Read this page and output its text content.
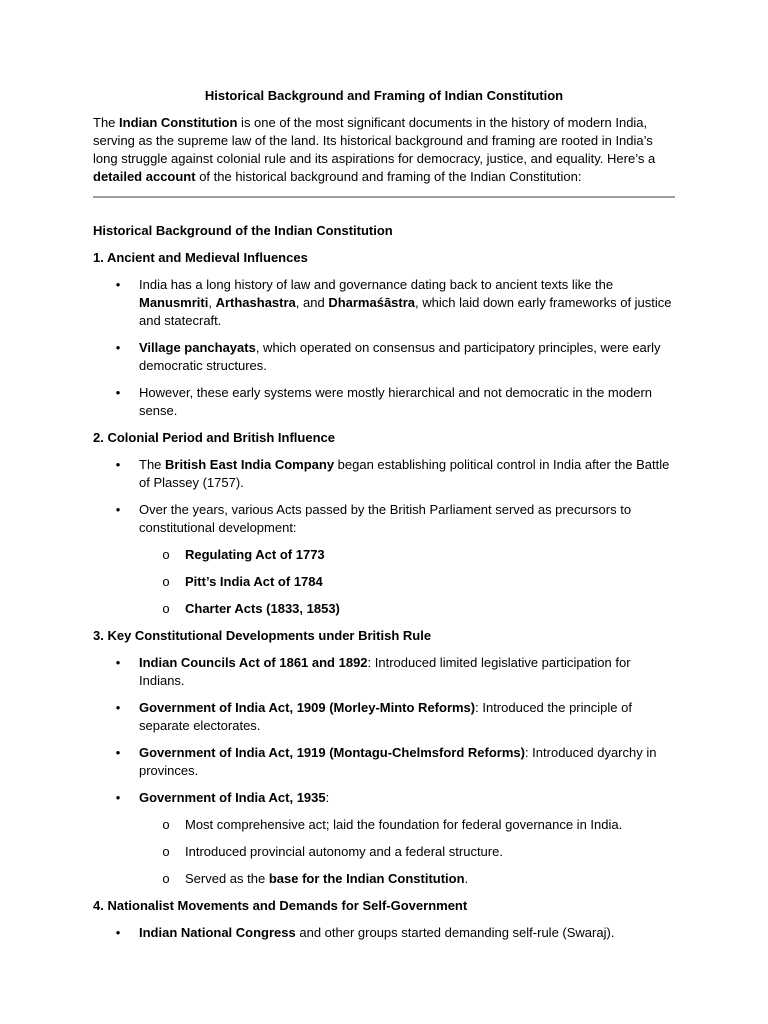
Historical Background and Framing of Indian Constitution

The Indian Constitution is one of the most significant documents in the history of modern India, serving as the supreme law of the land. Its historical background and framing are rooted in India’s long struggle against colonial rule and its aspirations for democracy, justice, and equality. Here’s a detailed account of the historical background and framing of the Indian Constitution:

Historical Background of the Indian Constitution

1. Ancient and Medieval Influences

• India has a long history of law and governance dating back to ancient texts like the Manusmriti, Arthashastra, and Dharmaśāstra, which laid down early frameworks of justice and statecraft.
• Village panchayats, which operated on consensus and participatory principles, were early democratic structures.
• However, these early systems were mostly hierarchical and not democratic in the modern sense.

2. Colonial Period and British Influence

• The British East India Company began establishing political control in India after the Battle of Plassey (1757).
• Over the years, various Acts passed by the British Parliament served as precursors to constitutional development:
o Regulating Act of 1773
o Pitt’s India Act of 1784
o Charter Acts (1833, 1853)

3. Key Constitutional Developments under British Rule

• Indian Councils Act of 1861 and 1892: Introduced limited legislative participation for Indians.
• Government of India Act, 1909 (Morley-Minto Reforms): Introduced the principle of separate electorates.
• Government of India Act, 1919 (Montagu-Chelmsford Reforms): Introduced dyarchy in provinces.
• Government of India Act, 1935:
o Most comprehensive act; laid the foundation for federal governance in India.
o Introduced provincial autonomy and a federal structure.
o Served as the base for the Indian Constitution.

4. Nationalist Movements and Demands for Self-Government

• Indian National Congress and other groups started demanding self-rule (Swaraj).
